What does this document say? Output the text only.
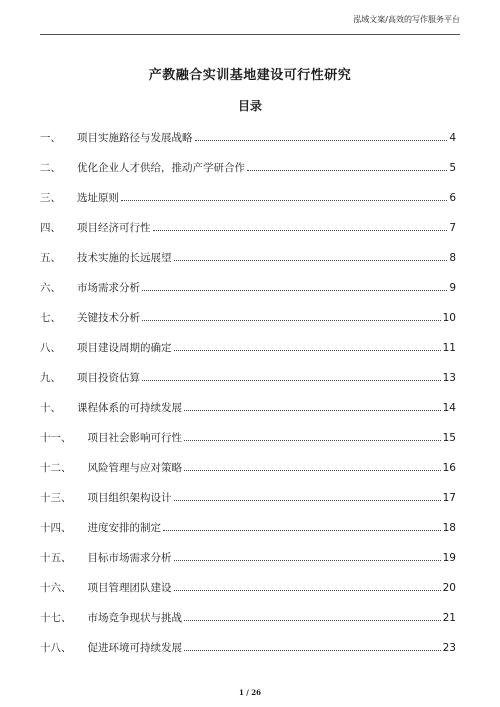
泓域文案/高效的写作服务平台
产教融合实训基地建设可行性研究
目录
一、	项目实施路径与发展战略	4
二、	优化企业人才供给，推动产学研合作	5
三、	选址原则	6
四、	项目经济可行性	7
五、	技术实施的长远展望	8
六、	市场需求分析	9
七、	关键技术分析	10
八、	项目建设周期的确定	11
九、	项目投资估算	13
十、	课程体系的可持续发展	14
十一、	项目社会影响可行性	15
十二、	风险管理与应对策略	16
十三、	项目组织架构设计	17
十四、	进度安排的制定	18
十五、	目标市场需求分析	19
十六、	项目管理团队建设	20
十七、	市场竞争现状与挑战	21
十八、	促进环境可持续发展	23
1 / 26
